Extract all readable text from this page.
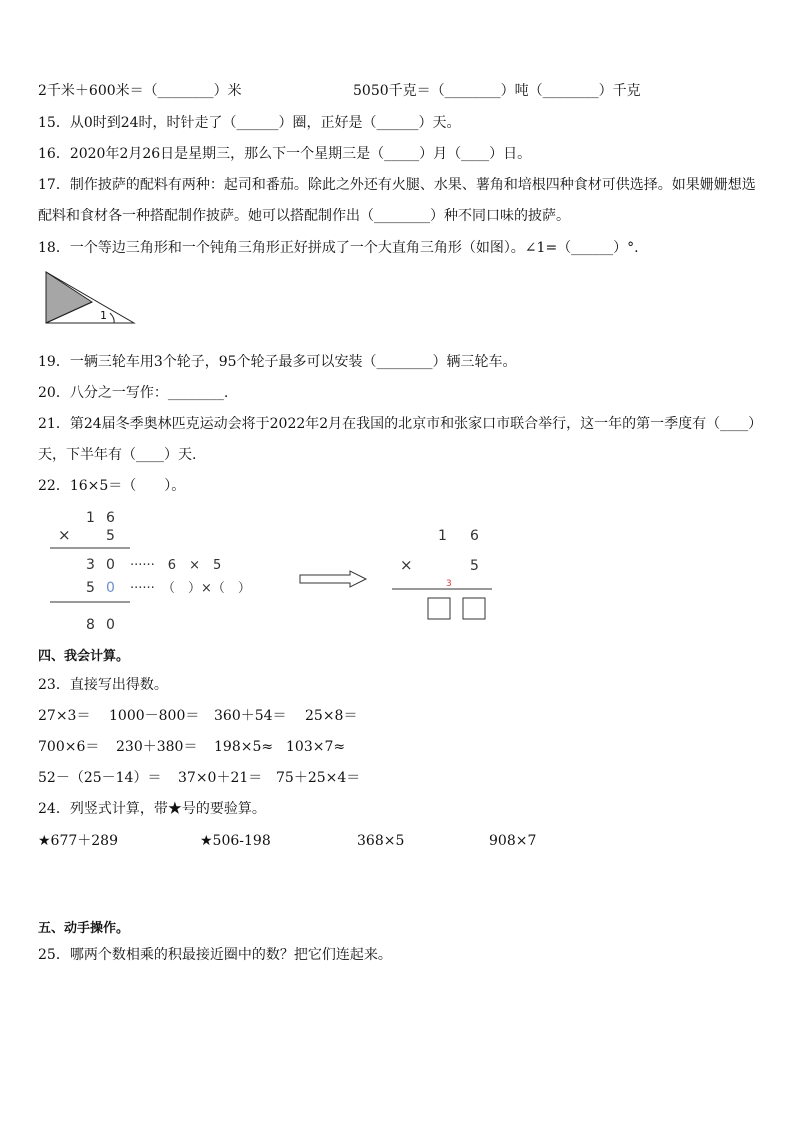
2千米＋600米＝（________）米	5050千克＝（________）吨（________）千克
15．从0时到24时，时针走了（______）圈，正好是（______）天。
16．2020年2月26日是星期三，那么下一个星期三是（_____）月（____）日。
17．制作披萨的配料有两种：起司和番茄。除此之外还有火腿、水果、薯角和培根四种食材可供选择。如果姗姗想选
配料和食材各一种搭配制作披萨。她可以搭配制作出（________）种不同口味的披萨。
18．一个等边三角形和一个钝角三角形正好拼成了一个大直角三角形（如图）。∠1=（______）°.
1
19．一辆三轮车用3个轮子，95个轮子最多可以安装（________）辆三轮车。
20．八分之一写作：________.
21．第24届冬季奥林匹克运动会将于2022年2月在我国的北京市和张家口市联合举行，这一年的第一季度有（____）
天，下半年有（____）天.
22．16×5＝（　　）。
1 6
×	5
3 0 ······　6　×　5
5 0 ······ （　）×（　）
8 0
1 6
×	5
3
四、我会计算。
23．直接写出得数。
27×3＝ 1000－800＝ 360＋54＝ 25×8＝
700×6＝ 230＋380＝ 198×5≈ 103×7≈
52－（25－14）＝ 37×0＋21＝ 75＋25×4＝
24．列竖式计算，带★号的要验算。
★677＋289	★506-198	368×5	908×7
五、动手操作。
25．哪两个数相乘的积最接近圈中的数？把它们连起来。
